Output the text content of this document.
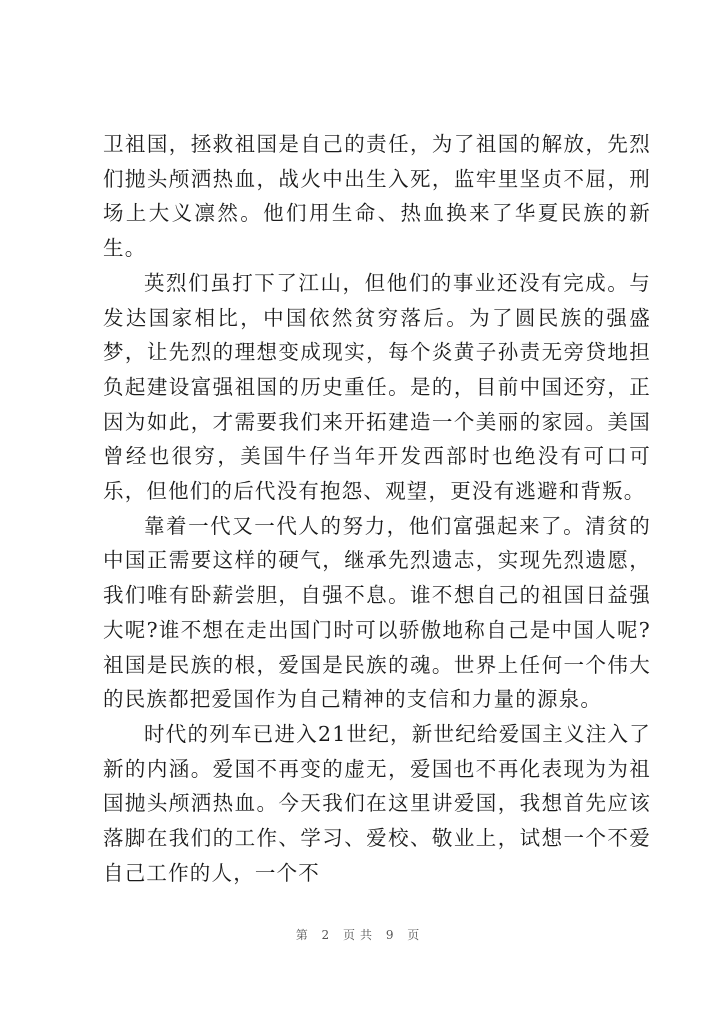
卫祖国，拯救祖国是自己的责任，为了祖国的解放，先烈们抛头颅洒热血，战火中出生入死，监牢里坚贞不屈，刑场上大义凛然。他们用生命、热血换来了华夏民族的新生。

英烈们虽打下了江山，但他们的事业还没有完成。与发达国家相比，中国依然贫穷落后。为了圆民族的强盛梦，让先烈的理想变成现实，每个炎黄子孙责无旁贷地担负起建设富强祖国的历史重任。是的，目前中国还穷，正因为如此，才需要我们来开拓建造一个美丽的家园。美国曾经也很穷，美国牛仔当年开发西部时也绝没有可口可乐，但他们的后代没有抱怨、观望，更没有逃避和背叛。

靠着一代又一代人的努力，他们富强起来了。清贫的中国正需要这样的硬气，继承先烈遗志，实现先烈遗愿，我们唯有卧薪尝胆，自强不息。谁不想自己的祖国日益强大呢?谁不想在走出国门时可以骄傲地称自己是中国人呢?祖国是民族的根，爱国是民族的魂。世界上任何一个伟大的民族都把爱国作为自己精神的支信和力量的源泉。

时代的列车已进入21世纪，新世纪给爱国主义注入了新的内涵。爱国不再变的虚无，爱国也不再化表现为为祖国抛头颅洒热血。今天我们在这里讲爱国，我想首先应该落脚在我们的工作、学习、爱校、敬业上，试想一个不爱自己工作的人，一个不

第 2 页共 9 页
